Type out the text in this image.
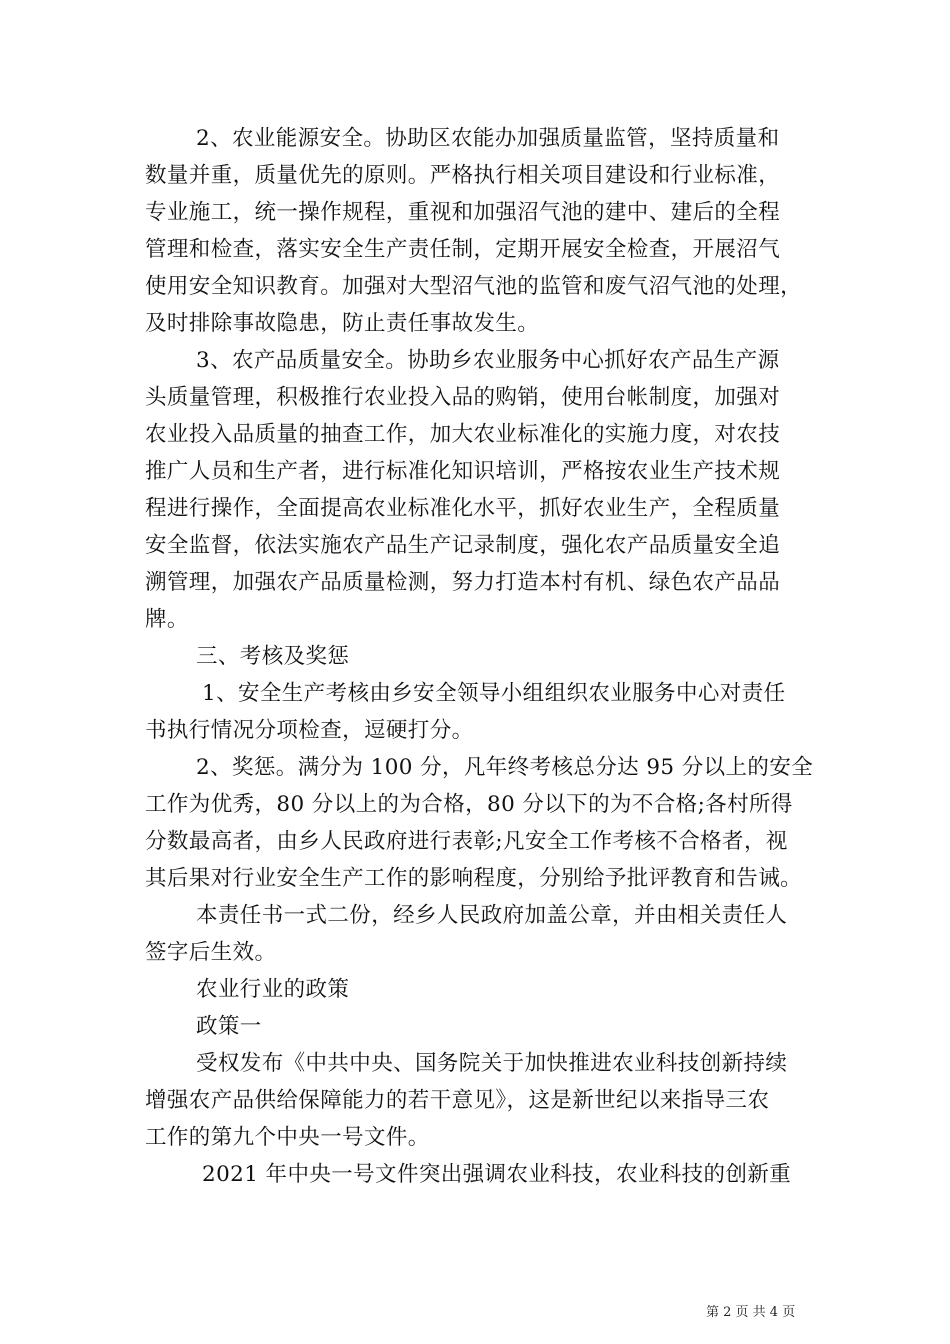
2、农业能源安全。协助区农能办加强质量监管，坚持质量和
数量并重，质量优先的原则。严格执行相关项目建设和行业标准，
专业施工，统一操作规程，重视和加强沼气池的建中、建后的全程
管理和检查，落实安全生产责任制，定期开展安全检查，开展沼气
使用安全知识教育。加强对大型沼气池的监管和废气沼气池的处理，
及时排除事故隐患，防止责任事故发生。
3、农产品质量安全。协助乡农业服务中心抓好农产品生产源
头质量管理，积极推行农业投入品的购销，使用台帐制度，加强对
农业投入品质量的抽查工作，加大农业标准化的实施力度，对农技
推广人员和生产者，进行标准化知识培训，严格按农业生产技术规
程进行操作，全面提高农业标准化水平，抓好农业生产，全程质量
安全监督，依法实施农产品生产记录制度，强化农产品质量安全追
溯管理，加强农产品质量检测，努力打造本村有机、绿色农产品品
牌。
三、考核及奖惩
1、安全生产考核由乡安全领导小组组织农业服务中心对责任
书执行情况分项检查，逗硬打分。
2、奖惩。满分为 100 分，凡年终考核总分达 95 分以上的安全
工作为优秀，80 分以上的为合格，80 分以下的为不合格;各村所得
分数最高者，由乡人民政府进行表彰;凡安全工作考核不合格者，视
其后果对行业安全生产工作的影响程度，分别给予批评教育和告诫。
本责任书一式二份，经乡人民政府加盖公章，并由相关责任人
签字后生效。
农业行业的政策
政策一
受权发布《中共中央、国务院关于加快推进农业科技创新持续
增强农产品供给保障能力的若干意见》，这是新世纪以来指导三农
工作的第九个中央一号文件。
2021 年中央一号文件突出强调农业科技，农业科技的创新重
第 2 页 共 4 页
